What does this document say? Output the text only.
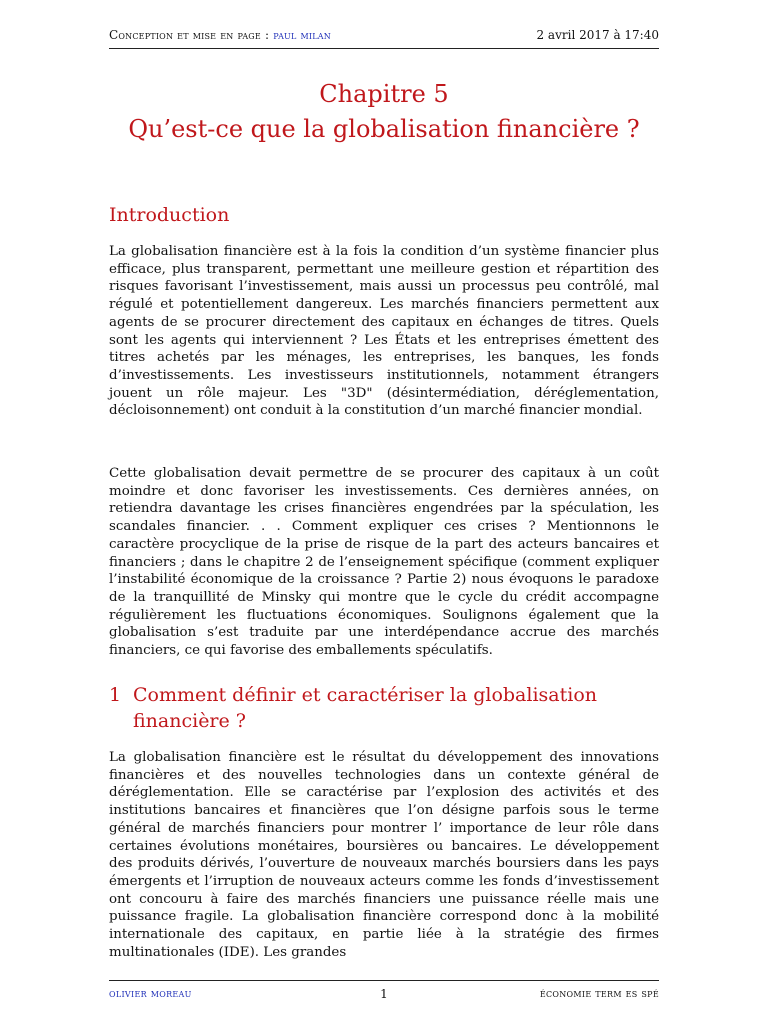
Conception et mise en page : paul milan	2 avril 2017 à 17:40
Chapitre 5
Qu’est-ce que la globalisation financière ?
Introduction

La globalisation financière est à la fois la condition d’un système financier plus efficace, plus transparent, permettant une meilleure gestion et répartition des risques favorisant l’investissement, mais aussi un processus peu contrôlé, mal régulé et potentiellement dangereux. Les marchés financiers permettent aux agents de se procurer directement des capitaux en échanges de titres. Quels sont les agents qui interviennent ? Les États et les entreprises émettent des titres achetés par les ménages, les entreprises, les banques, les fonds d’investissements. Les investisseurs institutionnels, notamment étrangers jouent un rôle majeur. Les "3D" (désintermédiation, déréglementation, décloisonnement) ont conduit à la constitution d’un marché financier mondial.

Cette globalisation devait permettre de se procurer des capitaux à un coût moindre et donc favoriser les investissements. Ces dernières années, on retiendra davantage les crises financières engendrées par la spéculation, les scandales financier. . . Comment expliquer ces crises ? Mentionnons le caractère procyclique de la prise de risque de la part des acteurs bancaires et financiers ; dans le chapitre 2 de l’enseignement spécifique (comment expliquer l’instabilité économique de la croissance ? Partie 2) nous évoquons le paradoxe de la tranquillité de Minsky qui montre que le cycle du crédit accompagne régulièrement les fluctuations économiques. Soulignons également que la globalisation s’est traduite par une interdépendance accrue des marchés financiers, ce qui favorise des emballements spéculatifs.

1 Comment définir et caractériser la globalisation financière ?

La globalisation financière est le résultat du développement des innovations financières et des nouvelles technologies dans un contexte général de déréglementation. Elle se caractérise par l’explosion des activités et des institutions bancaires et financières que l’on désigne parfois sous le terme général de marchés financiers pour montrer l’ importance de leur rôle dans certaines évolutions monétaires, boursières ou bancaires. Le développement des produits dérivés, l’ouverture de nouveaux marchés boursiers dans les pays émergents et l’irruption de nouveaux acteurs comme les fonds d’investissement ont concouru à faire des marchés financiers une puissance réelle mais une puissance fragile. La globalisation financière correspond donc à la mobilité internationale des capitaux, en partie liée à la stratégie des firmes multinationales (IDE). Les grandes

olivier moreau	1	économie term es spé
